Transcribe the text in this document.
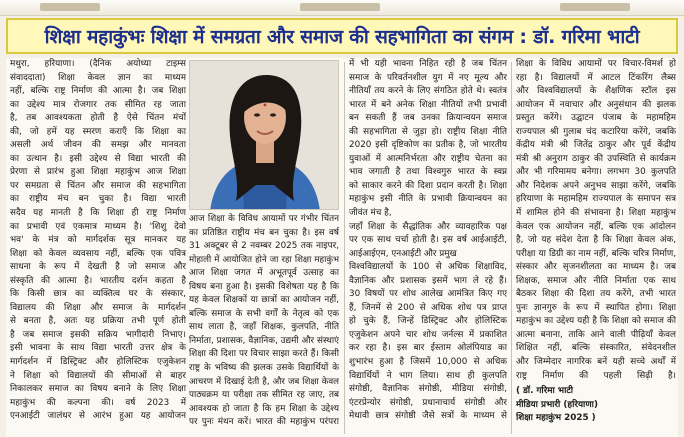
शिक्षा महाकुंभः शिक्षा में समग्रता और समाज की सहभागिता का संगम : डॉ. गरिमा भाटी
मथुरा, हरियाणा। (दैनिक अयोध्या टाइम्स
संवाददाता) शिक्षा केवल ज्ञान का माध्यम
नहीं, बल्कि राष्ट्र निर्माण की आत्मा है। जब शिक्षा
का उद्देश्य मात्र रोजगार तक सीमित रह जाता
है, तब आवश्यकता होती है ऐसे चिंतन मंचों
की, जो हमें यह स्मरण कराएँ कि शिक्षा का
असली अर्थ जीवन की समझ और मानवता
का उत्थान है। इसी उद्देश्य से विद्या भारती की
प्रेरणा से प्रारंभ हुआ शिक्षा महाकुंभ आज शिक्षा
पर समग्रता से चिंतन और समाज की सहभागिता
का राष्ट्रीय मंच बन चुका है। विद्या भारती
सदैव यह मानती है कि शिक्षा ही राष्ट्र निर्माण
का प्रभावी एवं एकमात्र माध्यम है। 'शिशु देवो
भव' के मंत्र को मार्गदर्शक सूत्र मानकर यह
शिक्षा को केवल व्यवसाय नहीं, बल्कि एक पवित्र
साधना के रूप में देखती है जो समाज और
संस्कृति की आत्मा है। भारतीय दर्शन कहता है
कि किसी छात्र का व्यक्तित्व घर के संस्कार,
विद्यालय की शिक्षा और समाज के मार्गदर्शन
से बनता है, अतः यह प्रक्रिया तभी पूर्ण होती
है जब समाज इसकी सक्रिय भागीदारी निभाए।
इसी भावना के साथ विद्या भारती उत्तर क्षेत्र के
मार्गदर्शन में डिस्ट्रिक्ट और होलिस्टिक एजुकेशन
ने शिक्षा को विद्यालयों की सीमाओं से बाहर
निकालकर समाज का विषय बनाने के लिए शिक्षा
महाकुंभ की कल्पना की। वर्ष 2023 में
एनआईटी जालंधर से आरंभ हुआ यह आयोजन
आज शिक्षा के विविध आयामों पर गंभीर चिंतन
का प्रतिष्ठित राष्ट्रीय मंच बन चुका है। इस वर्ष
31 अक्टूबर से 2 नवम्बर 2025 तक नाइपर,
मोहाली में आयोजित होने जा रहा शिक्षा महाकुंभ
आज शिक्षा जगत में अभूतपूर्व उत्साह का
विषय बना हुआ है। इसकी विशेषता यह है कि
यह केवल शिक्षकों या छात्रों का आयोजन नहीं,
बल्कि समाज के सभी वर्गों के नेतृत्व को एक
साथ लाता है, जहाँ शिक्षक, कुलपति, नीति
निर्माता, प्रशासक, वैज्ञानिक, उद्यमी और संस्थाएं
शिक्षा की दिशा पर विचार साझा करते हैं। किसी
राष्ट्र के भविष्य की झलक उसके विद्यार्थियों के
आचरण में दिखाई देती है, और जब शिक्षा केवल
पाठ्यक्रम या परीक्षा तक सीमित रह जाए, तब
आवश्यक हो जाता है कि हम शिक्षा के उद्देश्य
पर पुनः मंथन करें। भारत की महाकुंभ परंपरा
में भी यही भावना निहित रही है जब चिंतन
समाज के परिवर्तनशील युग में नए मूल्य और
नीतियाँ तय करने के लिए संगठित होते थे। स्वतंत्र
भारत में बने अनेक शिक्षा नीतियों तभी प्रभावी
बन सकती हैं जब उनका क्रियान्वयन समाज
की सहभागिता से जुड़ा हो। राष्ट्रीय शिक्षा नीति
2020 इसी दृष्टिकोण का प्रतीक है, जो भारतीय
युवाओं में आत्मनिर्भरता और राष्ट्रीय चेतना का
भाव जगाती है तथा विश्वगुरु भारत के स्वप्न
को साकार करने की दिशा प्रदान करती है। शिक्षा
महाकुंभ इसी नीति के प्रभावी क्रियान्वयन का
जीवंत मंच है,
जहाँ शिक्षा के सैद्धांतिक और व्यावहारिक पक्ष
पर एक साथ चर्चा होती है। इस वर्ष आईआईटी,
आईआईएम, एनआईटी और प्रमुख
विश्वविद्यालयों के 100 से अधिक शिक्षाविद,
वैज्ञानिक और प्रशासक इसमें भाग ले रहे हैं।
30 विषयों पर शोध आलेख आमंत्रित किए गए
हैं, जिनमें से 200 से अधिक शोध पत्र प्राप्त
हो चुके हैं, जिन्हें डिस्ट्रिक्ट और होलिस्टिक
एजुकेशन अपने चार शोध जर्नल्स में प्रकाशित
कर रहा है। इस बार ईस्ताम ओलंपियाड का
शुभारंभ हुआ है जिसमें 10,000 से अधिक
विद्यार्थियों ने भाग लिया। साथ ही कुलपति
संगोष्ठी, वैज्ञानिक संगोष्ठी, मीडिया संगोष्ठी,
एंटरप्रेन्योर संगोष्ठी, प्रधानाचार्य संगोष्ठी और
मेधावी छात्र संगोष्ठी जैसे सत्रों के माध्यम से
शिक्षा के विविध आयामों पर विचार-विमर्श हो
रहा है। विद्यालयों में आटल टिंकरिंग लैब्स
और विश्वविद्यालयों के शैक्षणिक स्टॉल इस
आयोजन में नवाचार और अनुसंधान की झलक
प्रस्तुत करेंगे। उद्घाटन पंजाब के महामहिम
राज्यपाल श्री गुलाब चंद कटारिया करेंगे, जबकि
केंद्रीय मंत्री श्री जितेंद्र ठाकुर और पूर्व केंद्रीय
मंत्री श्री अनुराग ठाकुर की उपस्थिति से कार्यक्रम
और भी गरिमामय बनेगा। लगभग 30 कुलपति
और निदेशक अपने अनुभव साझा करेंगे, जबकि
हरियाणा के महामहिम राज्यपाल के समापन सत्र
में शामिल होने की संभावना है। शिक्षा महाकुंभ
केवल एक आयोजन नहीं, बल्कि एक आंदोलन
है, जो यह संदेश देता है कि शिक्षा केवल अंक,
परीक्षा या डिग्री का नाम नहीं, बल्कि चरित्र निर्माण,
संस्कार और सृजनशीलता का माध्यम है। जब
शिक्षक, समाज और नीति निर्माता एक साथ
बैठकर शिक्षा की दिशा तय करेंगे, तभी भारत
पुनः ज्ञानगुरु के रूप में स्थापित होगा। शिक्षा
महाकुंभ का उद्देश्य यही है कि शिक्षा को समाज की
आत्मा बनाना, ताकि आने वाली पीढ़ियाँ केवल
शिक्षित नहीं, बल्कि संस्कारित, संवेदनशील
और जिम्मेदार नागरिक बनें यही सच्चे अर्थों में
राष्ट्र निर्माण की पहली सिढ़ी है।
( डॉ. गरिमा भाटी
मीडिया प्रभारी (हरियाणा)
शिक्षा महाकुंभ 2025 )
